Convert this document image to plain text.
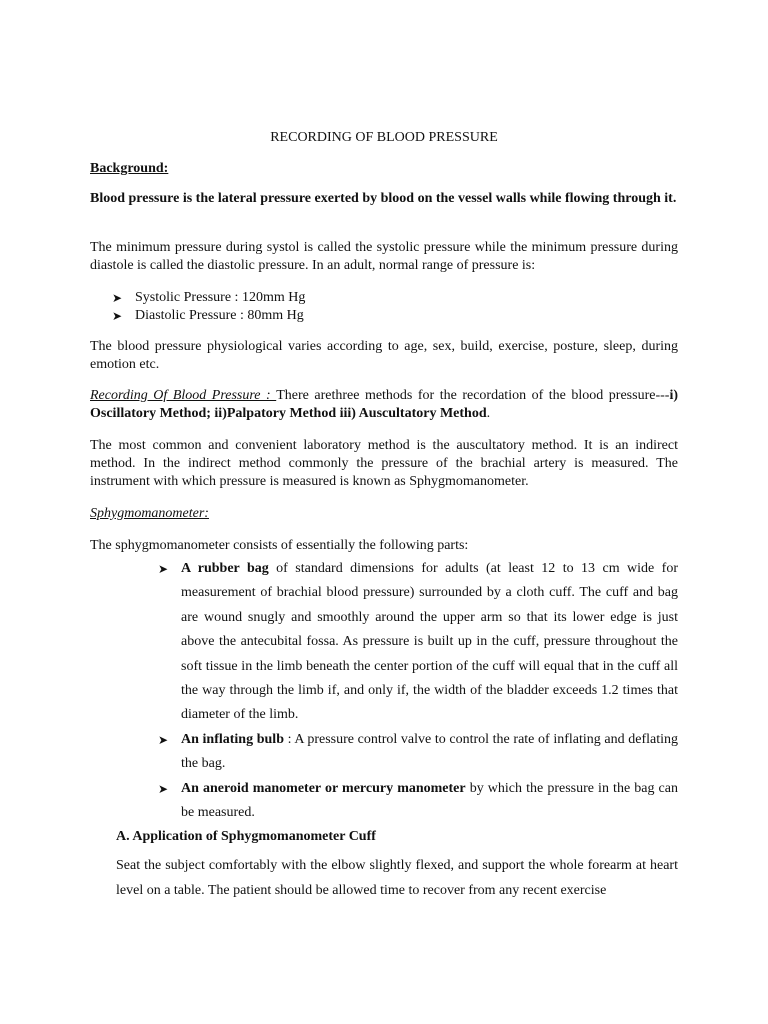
RECORDING OF BLOOD PRESSURE
Background:

Blood pressure is the lateral pressure exerted by blood on the vessel walls while flowing through it.

The minimum pressure during systol is called the systolic pressure while the minimum pressure during diastole is called the diastolic pressure. In an adult, normal range of pressure is:

➤ Systolic Pressure : 120mm Hg
➤ Diastolic Pressure : 80mm Hg

The blood pressure physiological varies according to age, sex, build, exercise, posture, sleep, during emotion etc.

Recording Of Blood Pressure : There arethree methods for the recordation of the blood pressure---i) Oscillatory Method; ii)Palpatory Method iii) Auscultatory Method.

The most common and convenient laboratory method is the auscultatory method. It is an indirect method. In the indirect method commonly the pressure of the brachial artery is measured. The instrument with which pressure is measured is known as Sphygmomanometer.

Sphygmomanometer:

The sphygmomanometer consists of essentially the following parts:

➤ A rubber bag of standard dimensions for adults (at least 12 to 13 cm wide for measurement of brachial blood pressure) surrounded by a cloth cuff. The cuff and bag are wound snugly and smoothly around the upper arm so that its lower edge is just above the antecubital fossa. As pressure is built up in the cuff, pressure throughout the soft tissue in the limb beneath the center portion of the cuff will equal that in the cuff all the way through the limb if, and only if, the width of the bladder exceeds 1.2 times that diameter of the limb.
➤ An inflating bulb : A pressure control valve to control the rate of inflating and deflating the bag.
➤ An aneroid manometer or mercury manometer by which the pressure in the bag can be measured.
A. Application of Sphygmomanometer Cuff

Seat the subject comfortably with the elbow slightly flexed, and support the whole forearm at heart level on a table. The patient should be allowed time to recover from any recent exercise
